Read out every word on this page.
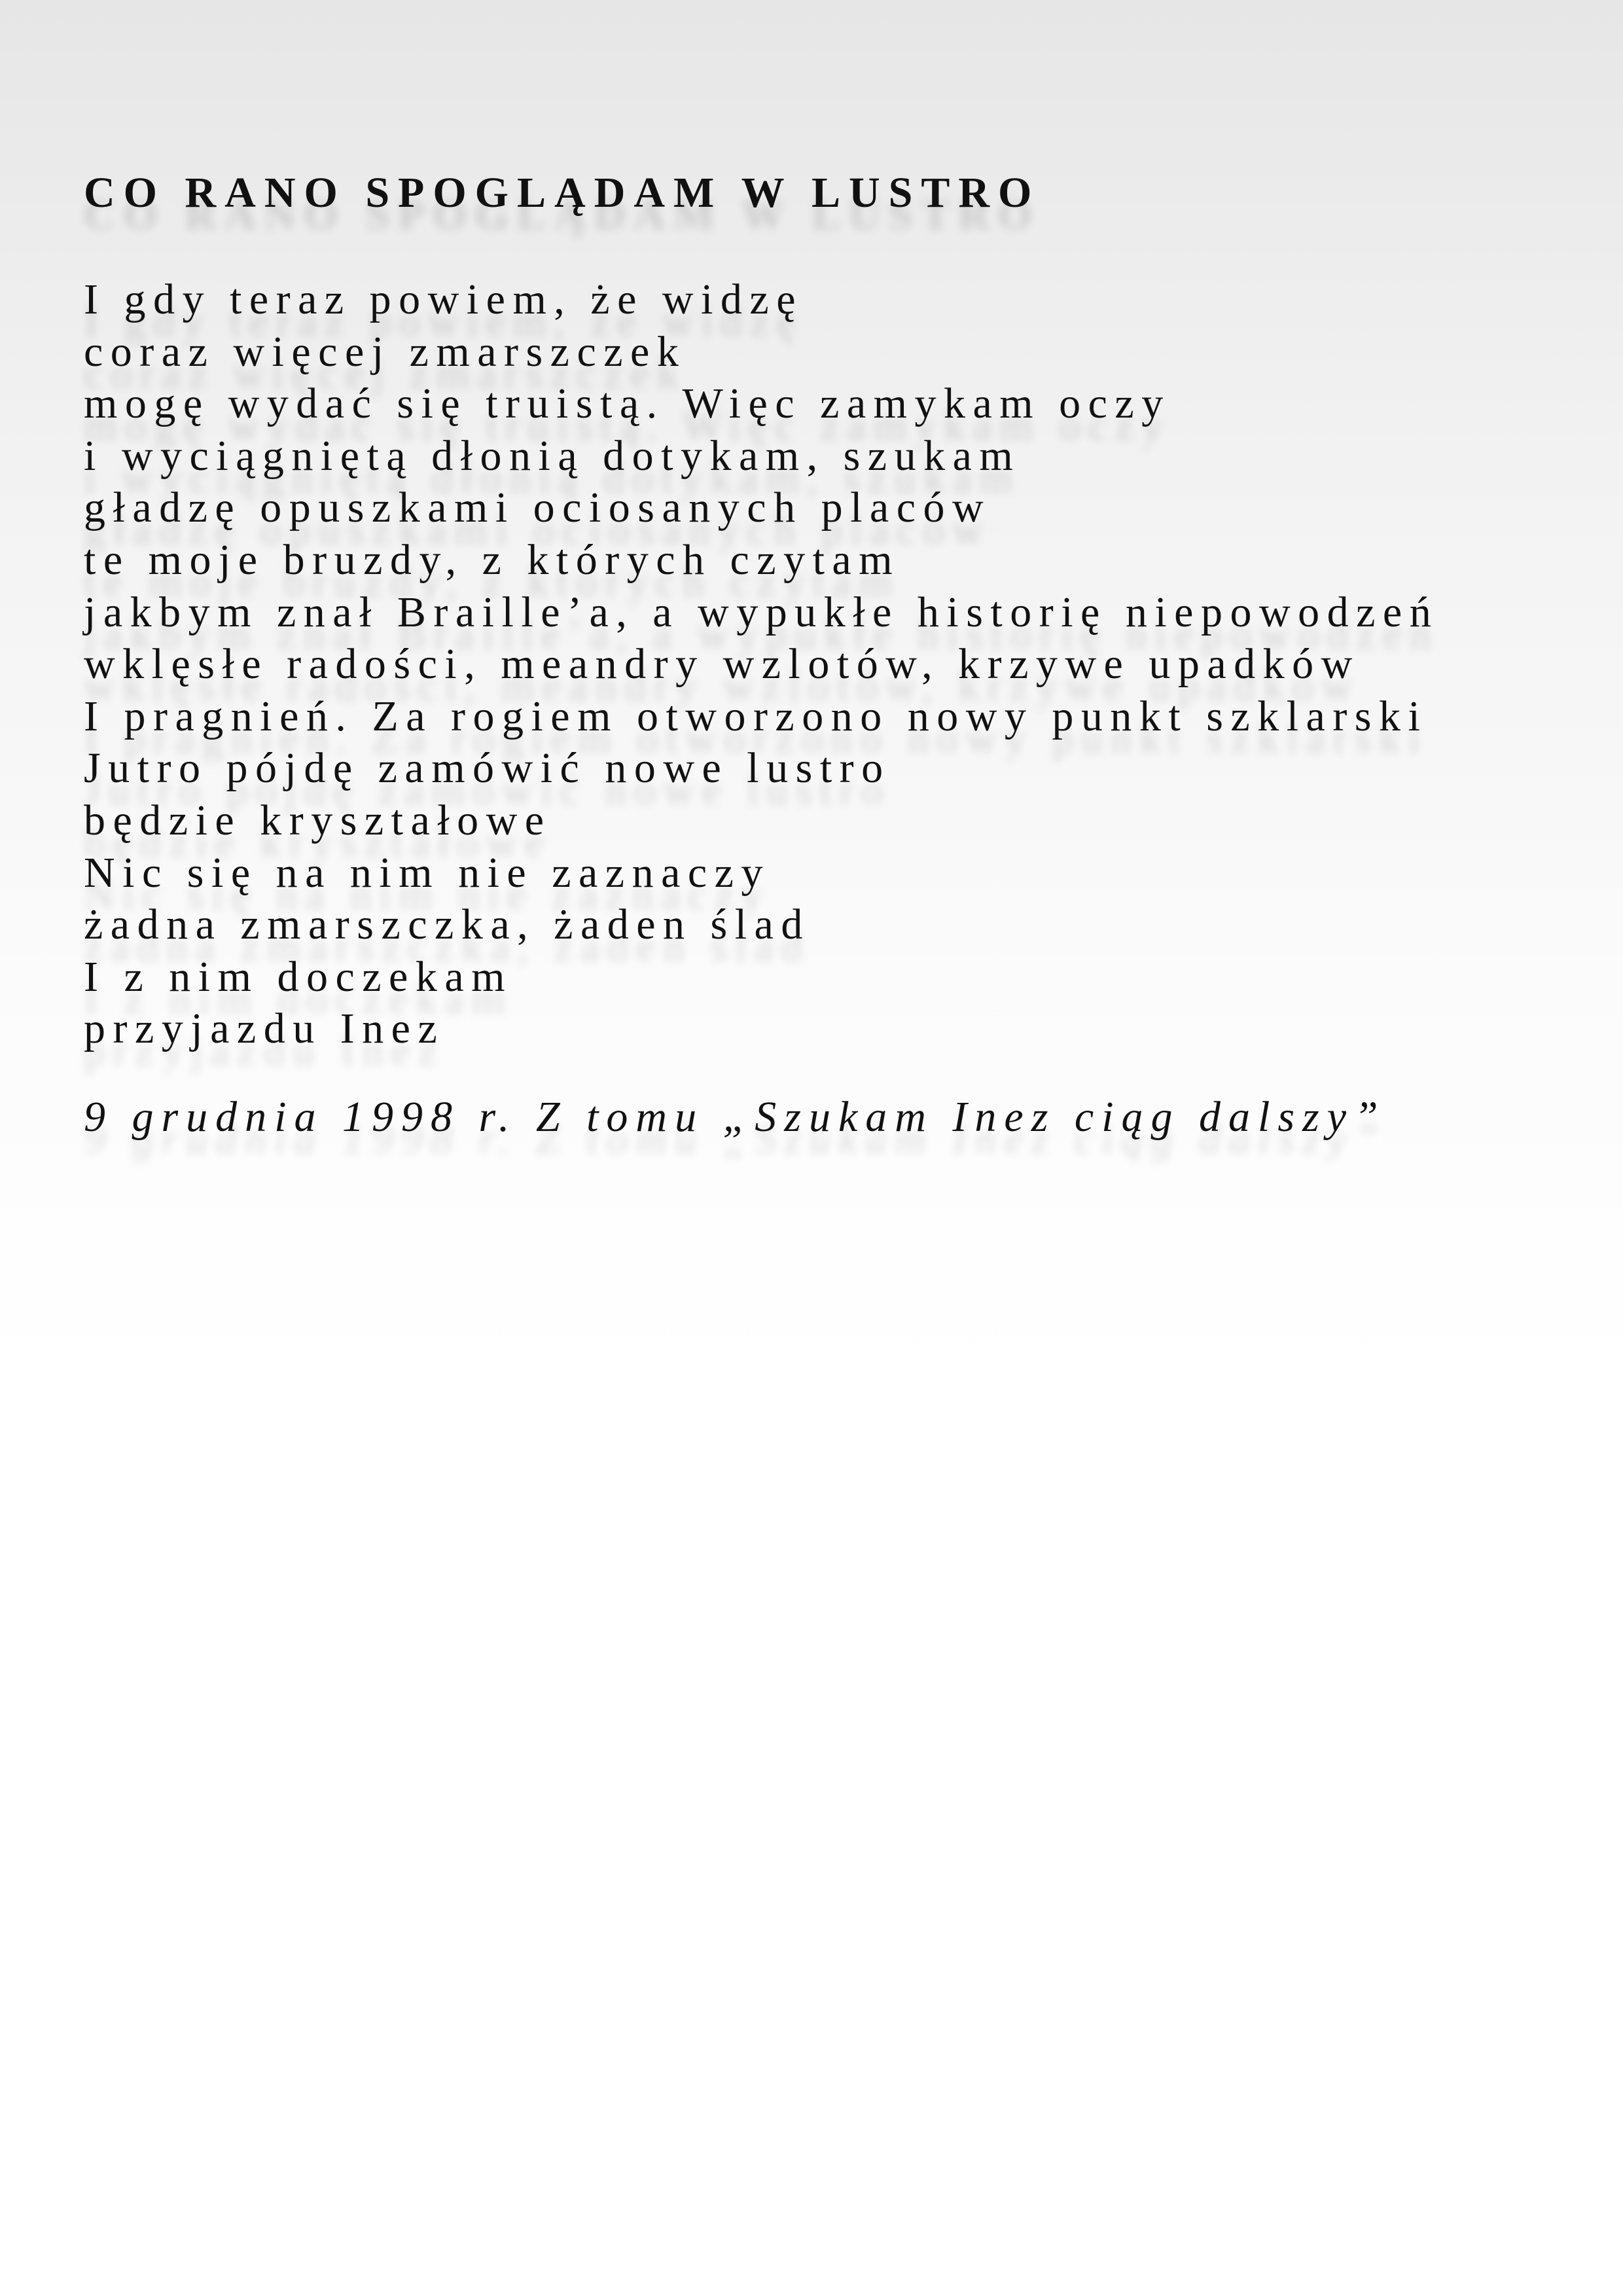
CO RANO SPOGLĄDAM W LUSTRO
I gdy teraz powiem, że widzę
coraz więcej zmarszczek
mogę wydać się truistą. Więc zamykam oczy
i wyciągniętą dłonią dotykam, szukam
gładzę opuszkami ociosanych placów
te moje bruzdy, z których czytam
jakbym znał Braille’a, a wypukłe historię niepowodzeń
wklęsłe radości, meandry wzlotów, krzywe upadków
I pragnień. Za rogiem otworzono nowy punkt szklarski
Jutro pójdę zamówić nowe lustro
będzie kryształowe
Nic się na nim nie zaznaczy
żadna zmarszczka, żaden ślad
I z nim doczekam
przyjazdu Inez
9 grudnia 1998 r. Z tomu „Szukam Inez ciąg dalszy”
